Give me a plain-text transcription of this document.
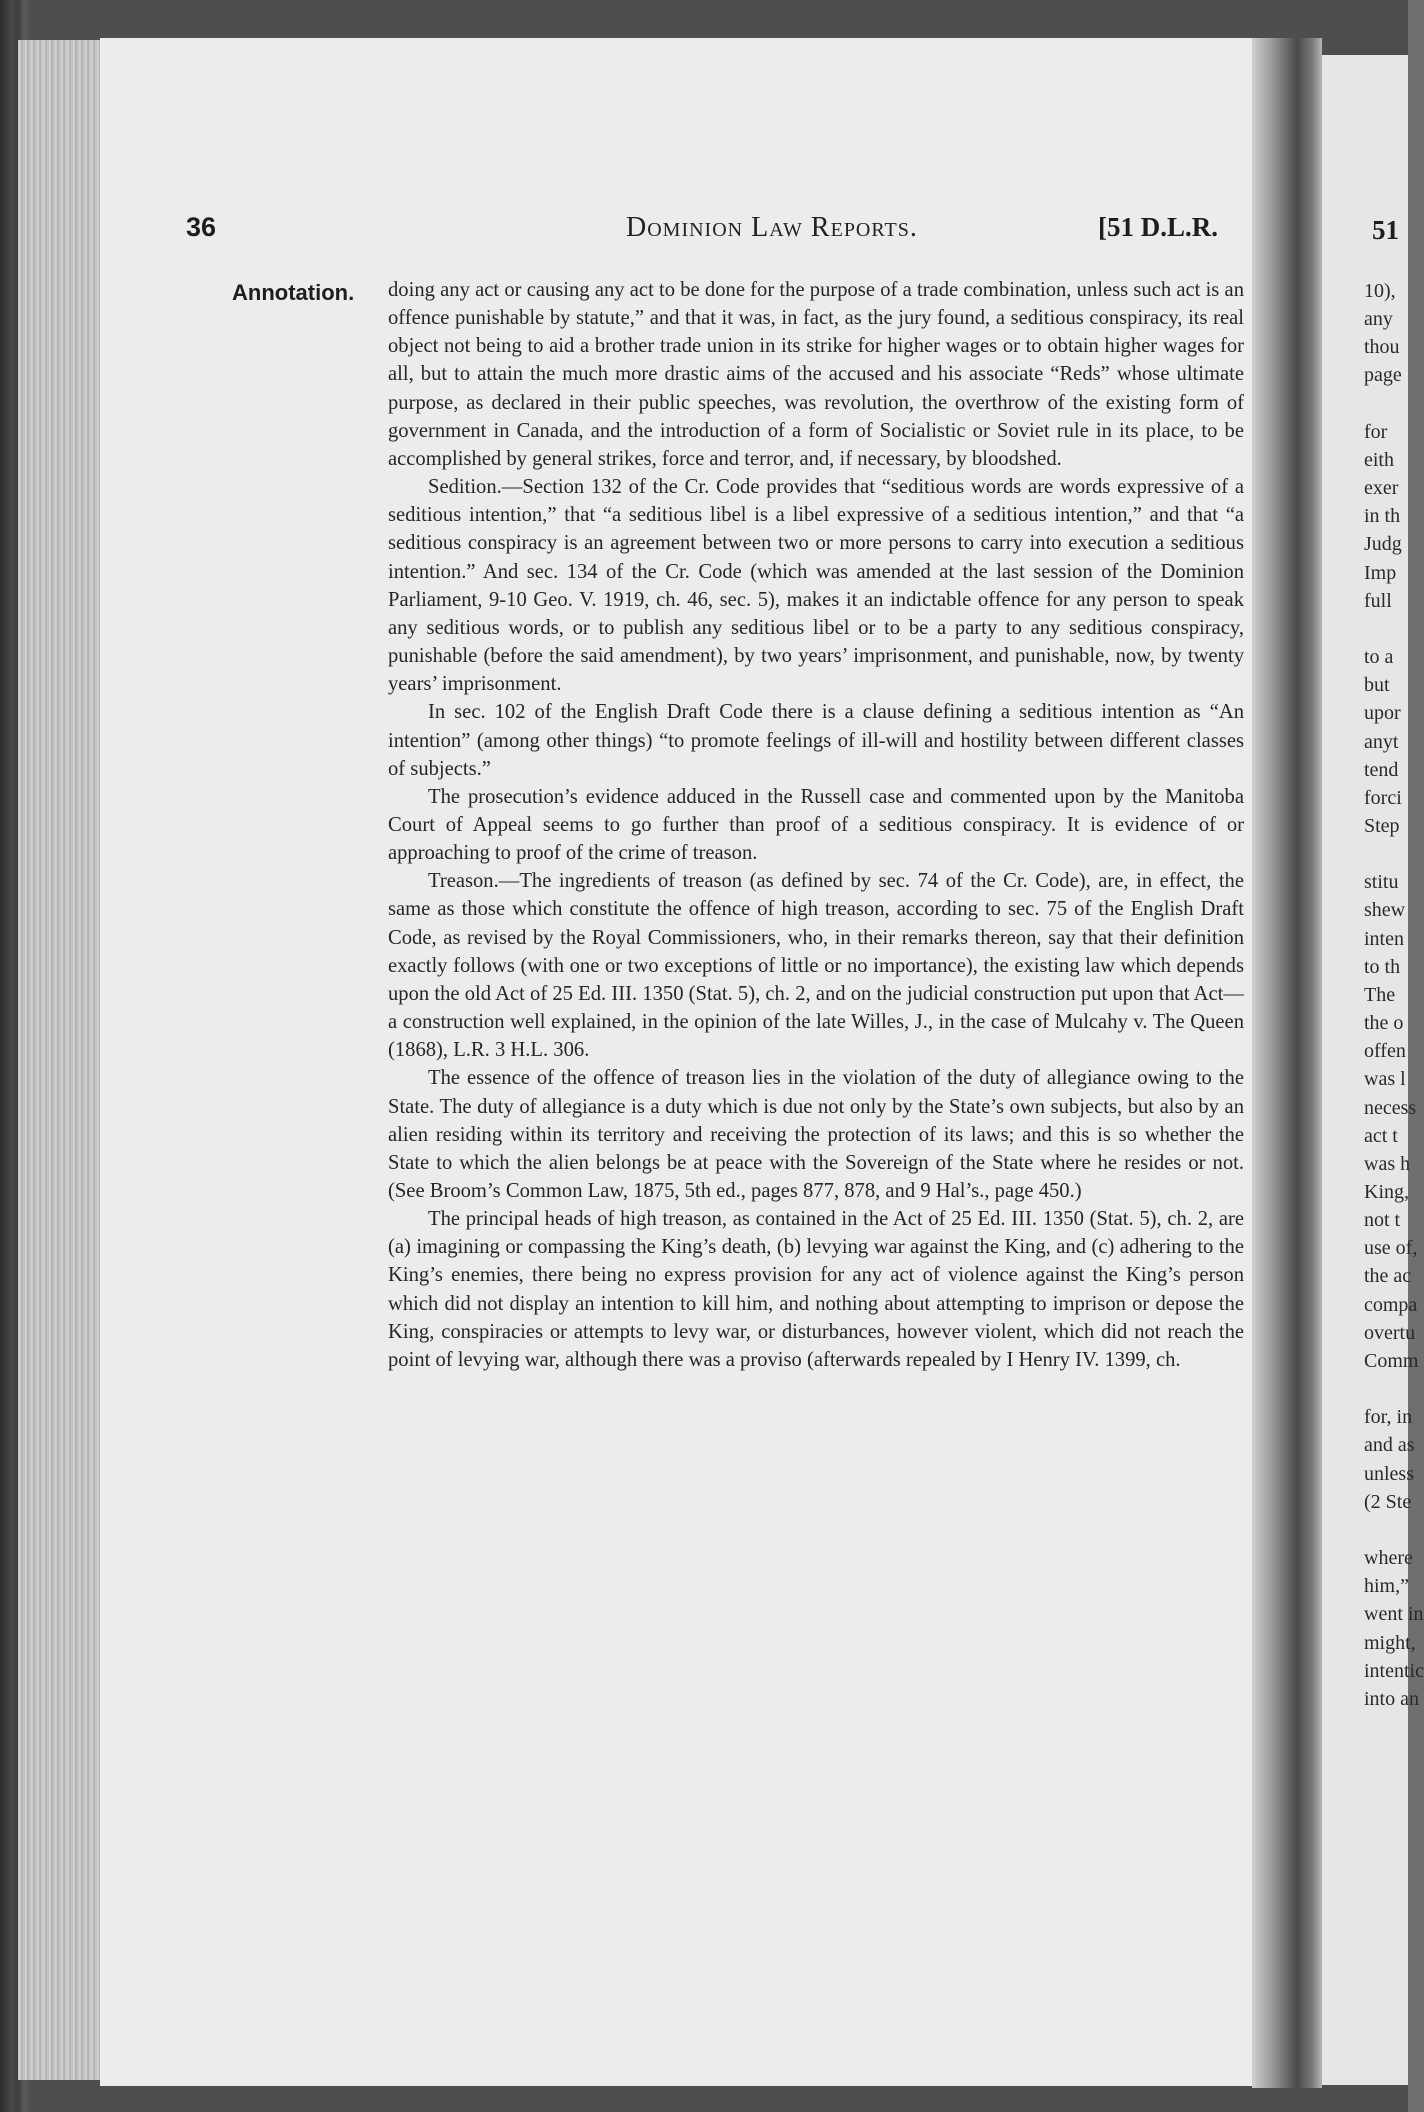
51
10),
any
thou
page

for
eith
exer
in th
Judg
Imp
full

to a
but
upor
anyt
tend
forci
Step

stitu
shew
inten
to th
The
the o
offen
was l
necess
act t
was h
King,
not t
use of,
the ac
compa
overtu
Comm

for, in
and as
unless
(2 Ste

where
him,”
went in
might,
intentic
into an
36	Dominion Law Reports.	[51 D.L.R.
Annotation. doing any act or causing any act to be done for the purpose of a trade combination, unless such act is an offence punishable by statute,” and that it was, in fact, as the jury found, a seditious conspiracy, its real object not being to aid a brother trade union in its strike for higher wages or to obtain higher wages for all, but to attain the much more drastic aims of the accused and his associate “Reds” whose ultimate purpose, as declared in their public speeches, was revolution, the overthrow of the existing form of government in Canada, and the introduction of a form of Socialistic or Soviet rule in its place, to be accomplished by general strikes, force and terror, and, if necessary, by bloodshed.

Sedition.—Section 132 of the Cr. Code provides that “seditious words are words expressive of a seditious intention,” that “a seditious libel is a libel expressive of a seditious intention,” and that “a seditious conspiracy is an agreement between two or more persons to carry into execution a seditious intention.” And sec. 134 of the Cr. Code (which was amended at the last session of the Dominion Parliament, 9-10 Geo. V. 1919, ch. 46, sec. 5), makes it an indictable offence for any person to speak any seditious words, or to publish any seditious libel or to be a party to any seditious conspiracy, punishable (before the said amendment), by two years’ imprisonment, and punishable, now, by twenty years’ imprisonment.

In sec. 102 of the English Draft Code there is a clause defining a seditious intention as “An intention” (among other things) “to promote feelings of ill-will and hostility between different classes of subjects.”

The prosecution’s evidence adduced in the Russell case and commented upon by the Manitoba Court of Appeal seems to go further than proof of a seditious conspiracy. It is evidence of or approaching to proof of the crime of treason.

Treason.—The ingredients of treason (as defined by sec. 74 of the Cr. Code), are, in effect, the same as those which constitute the offence of high treason, according to sec. 75 of the English Draft Code, as revised by the Royal Commissioners, who, in their remarks thereon, say that their definition exactly follows (with one or two exceptions of little or no importance), the existing law which depends upon the old Act of 25 Ed. III. 1350 (Stat. 5), ch. 2, and on the judicial construction put upon that Act—a construction well explained, in the opinion of the late Willes, J., in the case of Mulcahy v. The Queen (1868), L.R. 3 H.L. 306.

The essence of the offence of treason lies in the violation of the duty of allegiance owing to the State. The duty of allegiance is a duty which is due not only by the State’s own subjects, but also by an alien residing within its territory and receiving the protection of its laws; and this is so whether the State to which the alien belongs be at peace with the Sovereign of the State where he resides or not. (See Broom’s Common Law, 1875, 5th ed., pages 877, 878, and 9 Hal’s., page 450.)

The principal heads of high treason, as contained in the Act of 25 Ed. III. 1350 (Stat. 5), ch. 2, are (a) imagining or compassing the King’s death, (b) levying war against the King, and (c) adhering to the King’s enemies, there being no express provision for any act of violence against the King’s person which did not display an intention to kill him, and nothing about attempting to imprison or depose the King, conspiracies or attempts to levy war, or disturbances, however violent, which did not reach the point of levying war, although there was a proviso (afterwards repealed by I Henry IV. 1399, ch.
